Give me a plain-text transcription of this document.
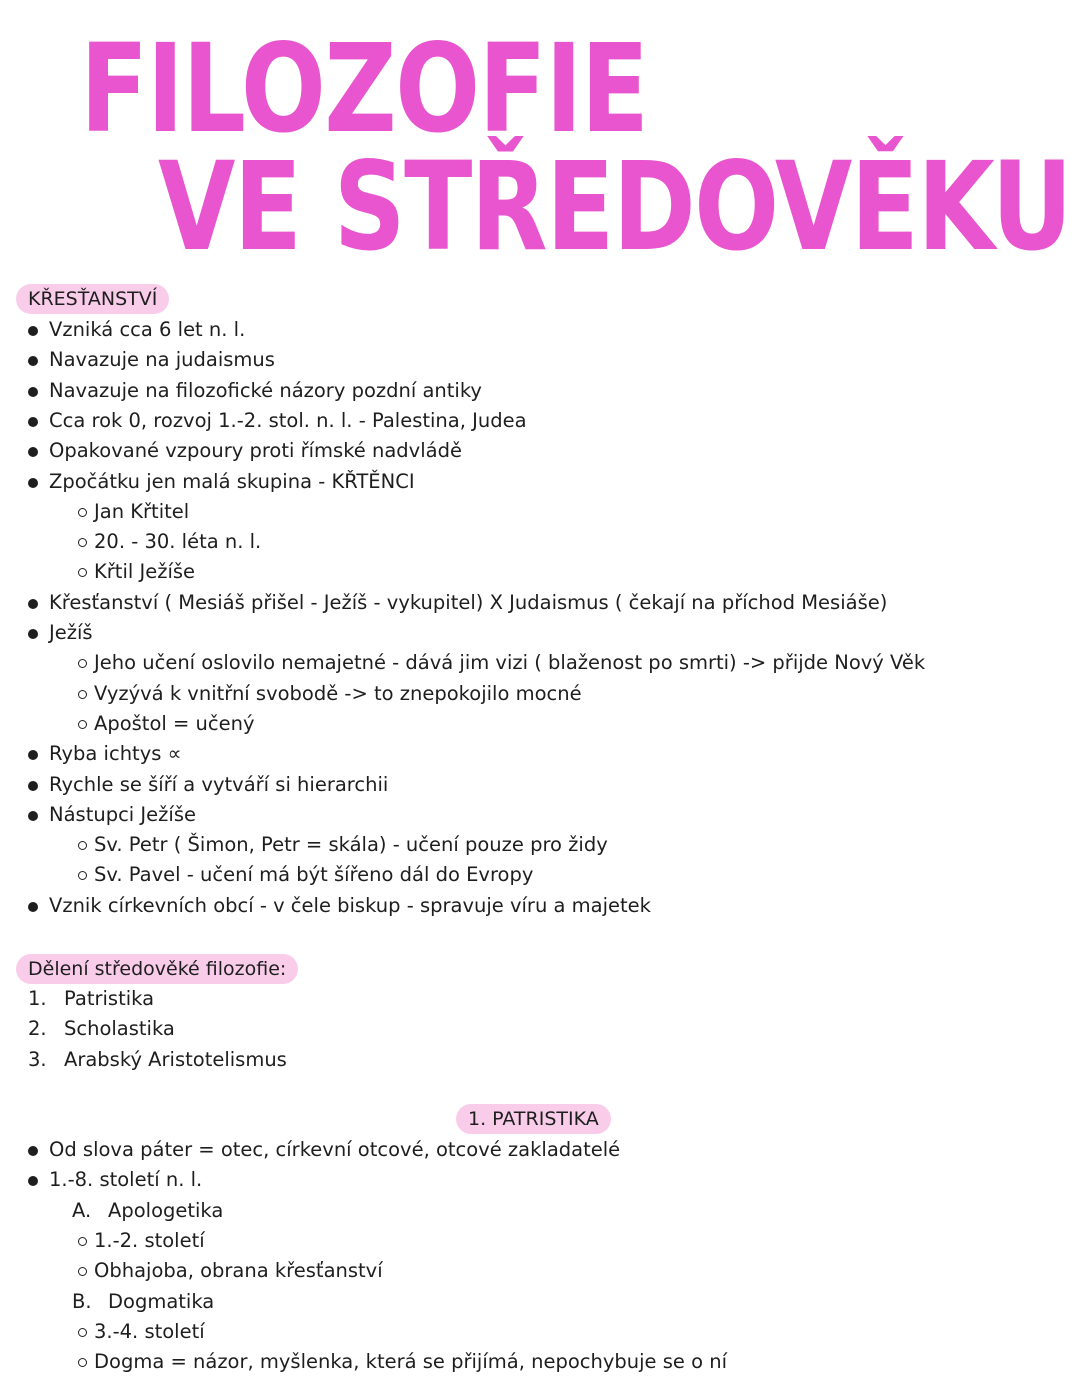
FILOZOFIE
VE STŘEDOVĚKU
KŘESŤANSTVÍ
Vzniká cca 6 let n. l.
Navazuje na judaismus
Navazuje na filozofické názory pozdní antiky
Cca rok 0, rozvoj 1.-2. stol. n. l. - Palestina, Judea
Opakované vzpoury proti římské nadvládě
Zpočátku jen malá skupina - KŘTĚNCI
Jan Křtitel
20. - 30. léta n. l.
Křtil Ježíše
Křesťanství ( Mesiáš přišel - Ježíš - vykupitel) X Judaismus ( čekají na příchod Mesiáše)
Ježíš
Jeho učení oslovilo nemajetné - dává jim vizi ( blaženost po smrti) -> přijde Nový Věk
Vyzývá k vnitřní svobodě -> to znepokojilo mocné
Apoštol = učený
Ryba ichtys ∝
Rychle se šíří a vytváří si hierarchii
Nástupci Ježíše
Sv. Petr ( Šimon, Petr = skála) - učení pouze pro židy
Sv. Pavel - učení má být šířeno dál do Evropy
Vznik církevních obcí - v čele biskup - spravuje víru a majetek
Dělení středověké filozofie:
1. Patristika
2. Scholastika
3. Arabský Aristotelismus
1. PATRISTIKA
Od slova páter = otec, církevní otcové, otcové zakladatelé
1.-8. století n. l.
A. Apologetika
1.-2. století
Obhajoba, obrana křesťanství
B. Dogmatika
3.-4. století
Dogma = názor, myšlenka, která se přijímá, nepochybuje se o ní
